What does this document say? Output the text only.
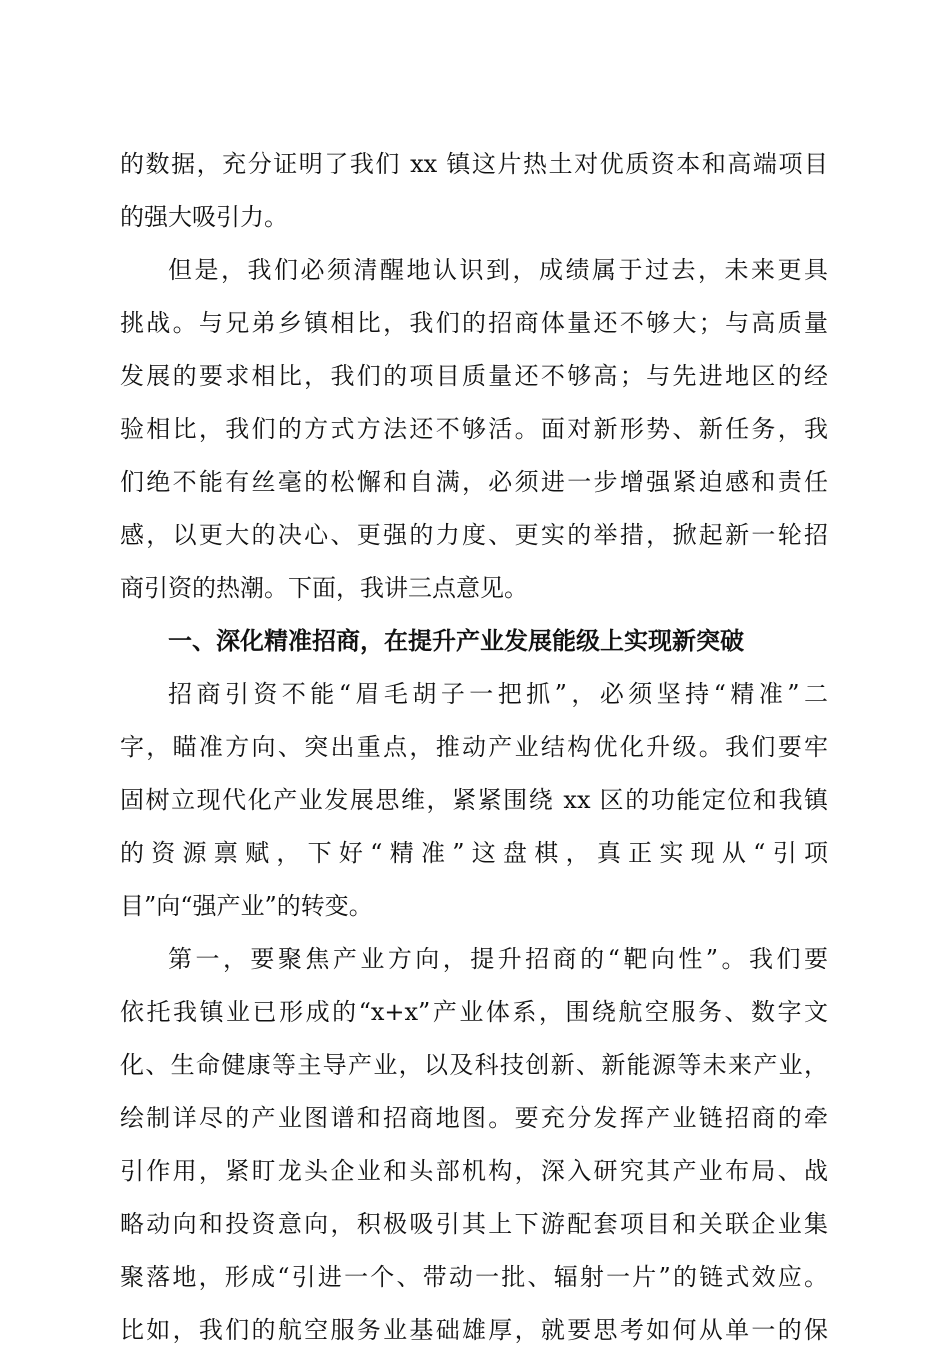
的数据，充分证明了我们 xx 镇这片热土对优质资本和高端项目
的强大吸引力。
但是，我们必须清醒地认识到，成绩属于过去，未来更具
挑战。与兄弟乡镇相比，我们的招商体量还不够大；与高质量
发展的要求相比，我们的项目质量还不够高；与先进地区的经
验相比，我们的方式方法还不够活。面对新形势、新任务，我
们绝不能有丝毫的松懈和自满，必须进一步增强紧迫感和责任
感，以更大的决心、更强的力度、更实的举措，掀起新一轮招
商引资的热潮。下面，我讲三点意见。
一、深化精准招商，在提升产业发展能级上实现新突破
招商引资不能“眉毛胡子一把抓”，必须坚持“精准”二
字，瞄准方向、突出重点，推动产业结构优化升级。我们要牢
固树立现代化产业发展思维，紧紧围绕 xx 区的功能定位和我镇
的资源禀赋，下好“精准”这盘棋，真正实现从“引项
目”向“强产业”的转变。
第一，要聚焦产业方向，提升招商的“靶向性”。我们要
依托我镇业已形成的“x+x”产业体系，围绕航空服务、数字文
化、生命健康等主导产业，以及科技创新、新能源等未来产业，
绘制详尽的产业图谱和招商地图。要充分发挥产业链招商的牵
引作用，紧盯龙头企业和头部机构，深入研究其产业布局、战
略动向和投资意向，积极吸引其上下游配套项目和关联企业集
聚落地，形成“引进一个、带动一批、辐射一片”的链式效应。
比如，我们的航空服务业基础雄厚，就要思考如何从单一的保
